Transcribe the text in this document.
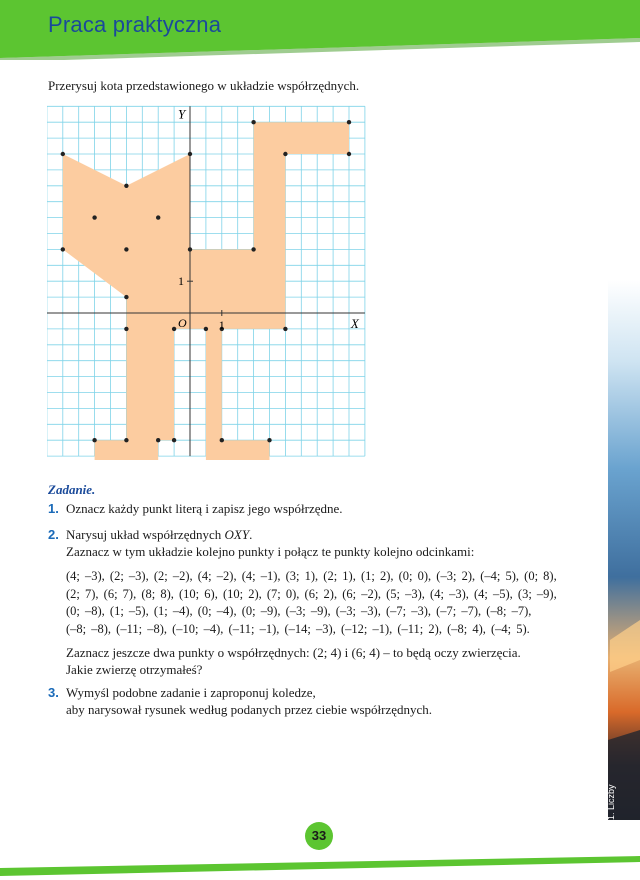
Praca praktyczna
Przerysuj kota przedstawionego w układzie współrzędnych.
Y
X
O	1
1
Zadanie.
1. Oznacz każdy punkt literą i zapisz jego współrzędne.
2. Narysuj układ współrzędnych OXY.
Zaznacz w tym układzie kolejno punkty i połącz te punkty kolejno odcinkami:
(4; –3), (2; –3), (2; –2), (4; –2), (4; –1), (3; 1), (2; 1), (1; 2), (0; 0), (–3; 2), (–4; 5), (0; 8),
(2; 7), (6; 7), (8; 8), (10; 6), (10; 2), (7; 0), (6; 2), (6; –2), (5; –3), (4; –3), (4; –5), (3; –9),
(0; –8), (1; –5), (1; –4), (0; –4), (0; –9), (–3; –9), (–3; –3), (–7; –3), (–7; –7), (–8; –7),
(–8; –8), (–11; –8), (–10; –4), (–11; –1), (–14; –3), (–12; –1), (–11; 2), (–8; 4), (–4; 5).
Zaznacz jeszcze dwa punkty o współrzędnych: (2; 4) i (6; 4) – to będą oczy zwierzęcia.
Jakie zwierzę otrzymałeś?
3. Wymyśl podobne zadanie i zaproponuj koledze,
aby narysował rysunek według podanych przez ciebie współrzędnych.
1. Liczby
33
